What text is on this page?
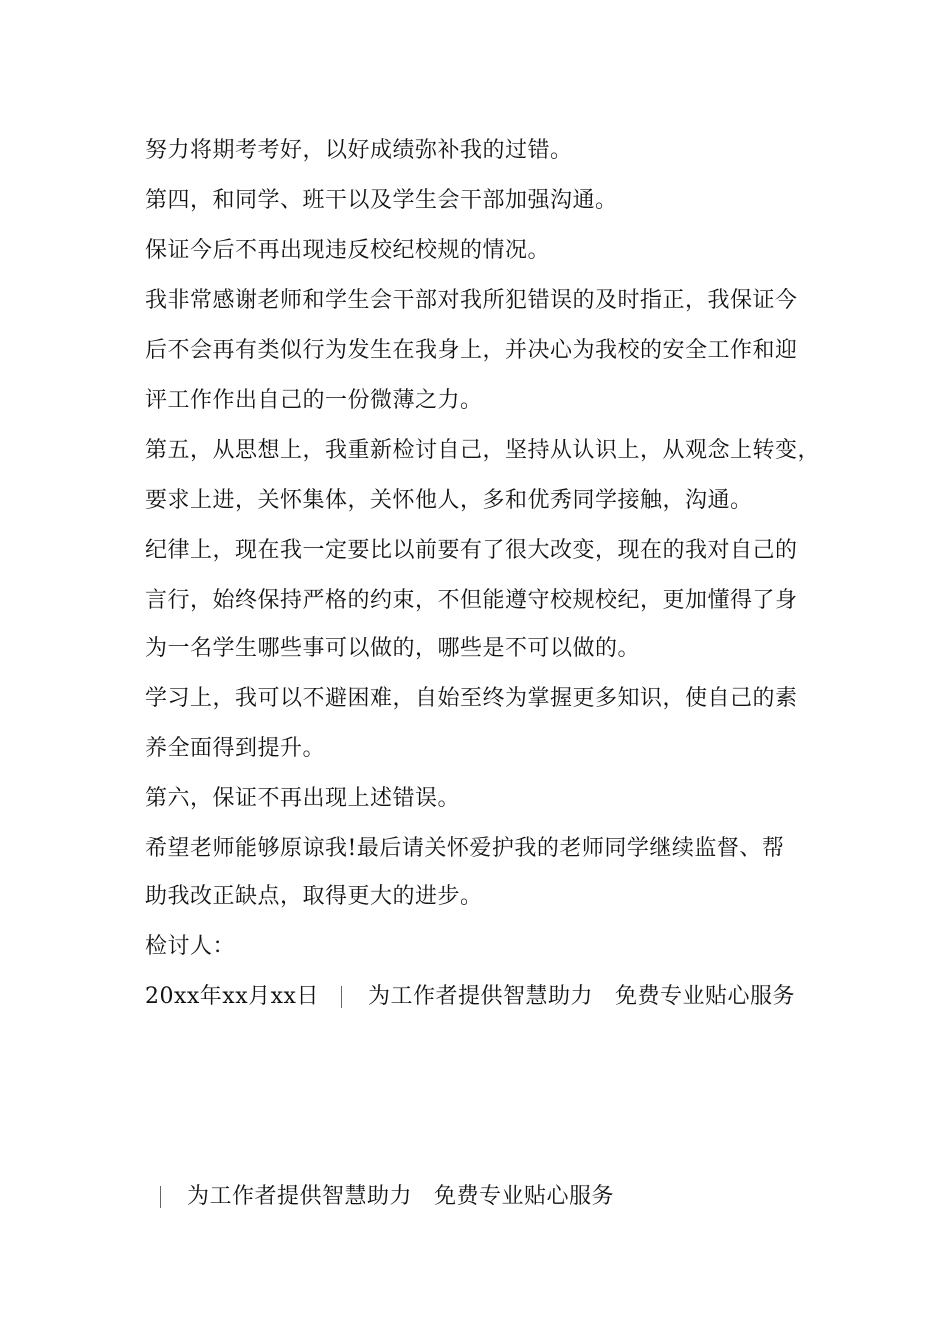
努力将期考考好，以好成绩弥补我的过错。
第四，和同学、班干以及学生会干部加强沟通。
保证今后不再出现违反校纪校规的情况。
我非常感谢老师和学生会干部对我所犯错误的及时指正，我保证今
后不会再有类似行为发生在我身上，并决心为我校的安全工作和迎
评工作作出自己的一份微薄之力。
第五，从思想上，我重新检讨自己，坚持从认识上，从观念上转变，
要求上进，关怀集体，关怀他人，多和优秀同学接触，沟通。
纪律上，现在我一定要比以前要有了很大改变，现在的我对自己的
言行，始终保持严格的约束，不但能遵守校规校纪，更加懂得了身
为一名学生哪些事可以做的，哪些是不可以做的。
学习上，我可以不避困难，自始至终为掌握更多知识，使自己的素
养全面得到提升。
第六，保证不再出现上述错误。
希望老师能够原谅我!最后请关怀爱护我的老师同学继续监督、帮
助我改正缺点，取得更大的进步。
检讨人：
20xx年xx月xx日 为工作者提供智慧助力 免费专业贴心服务
为工作者提供智慧助力 免费专业贴心服务
